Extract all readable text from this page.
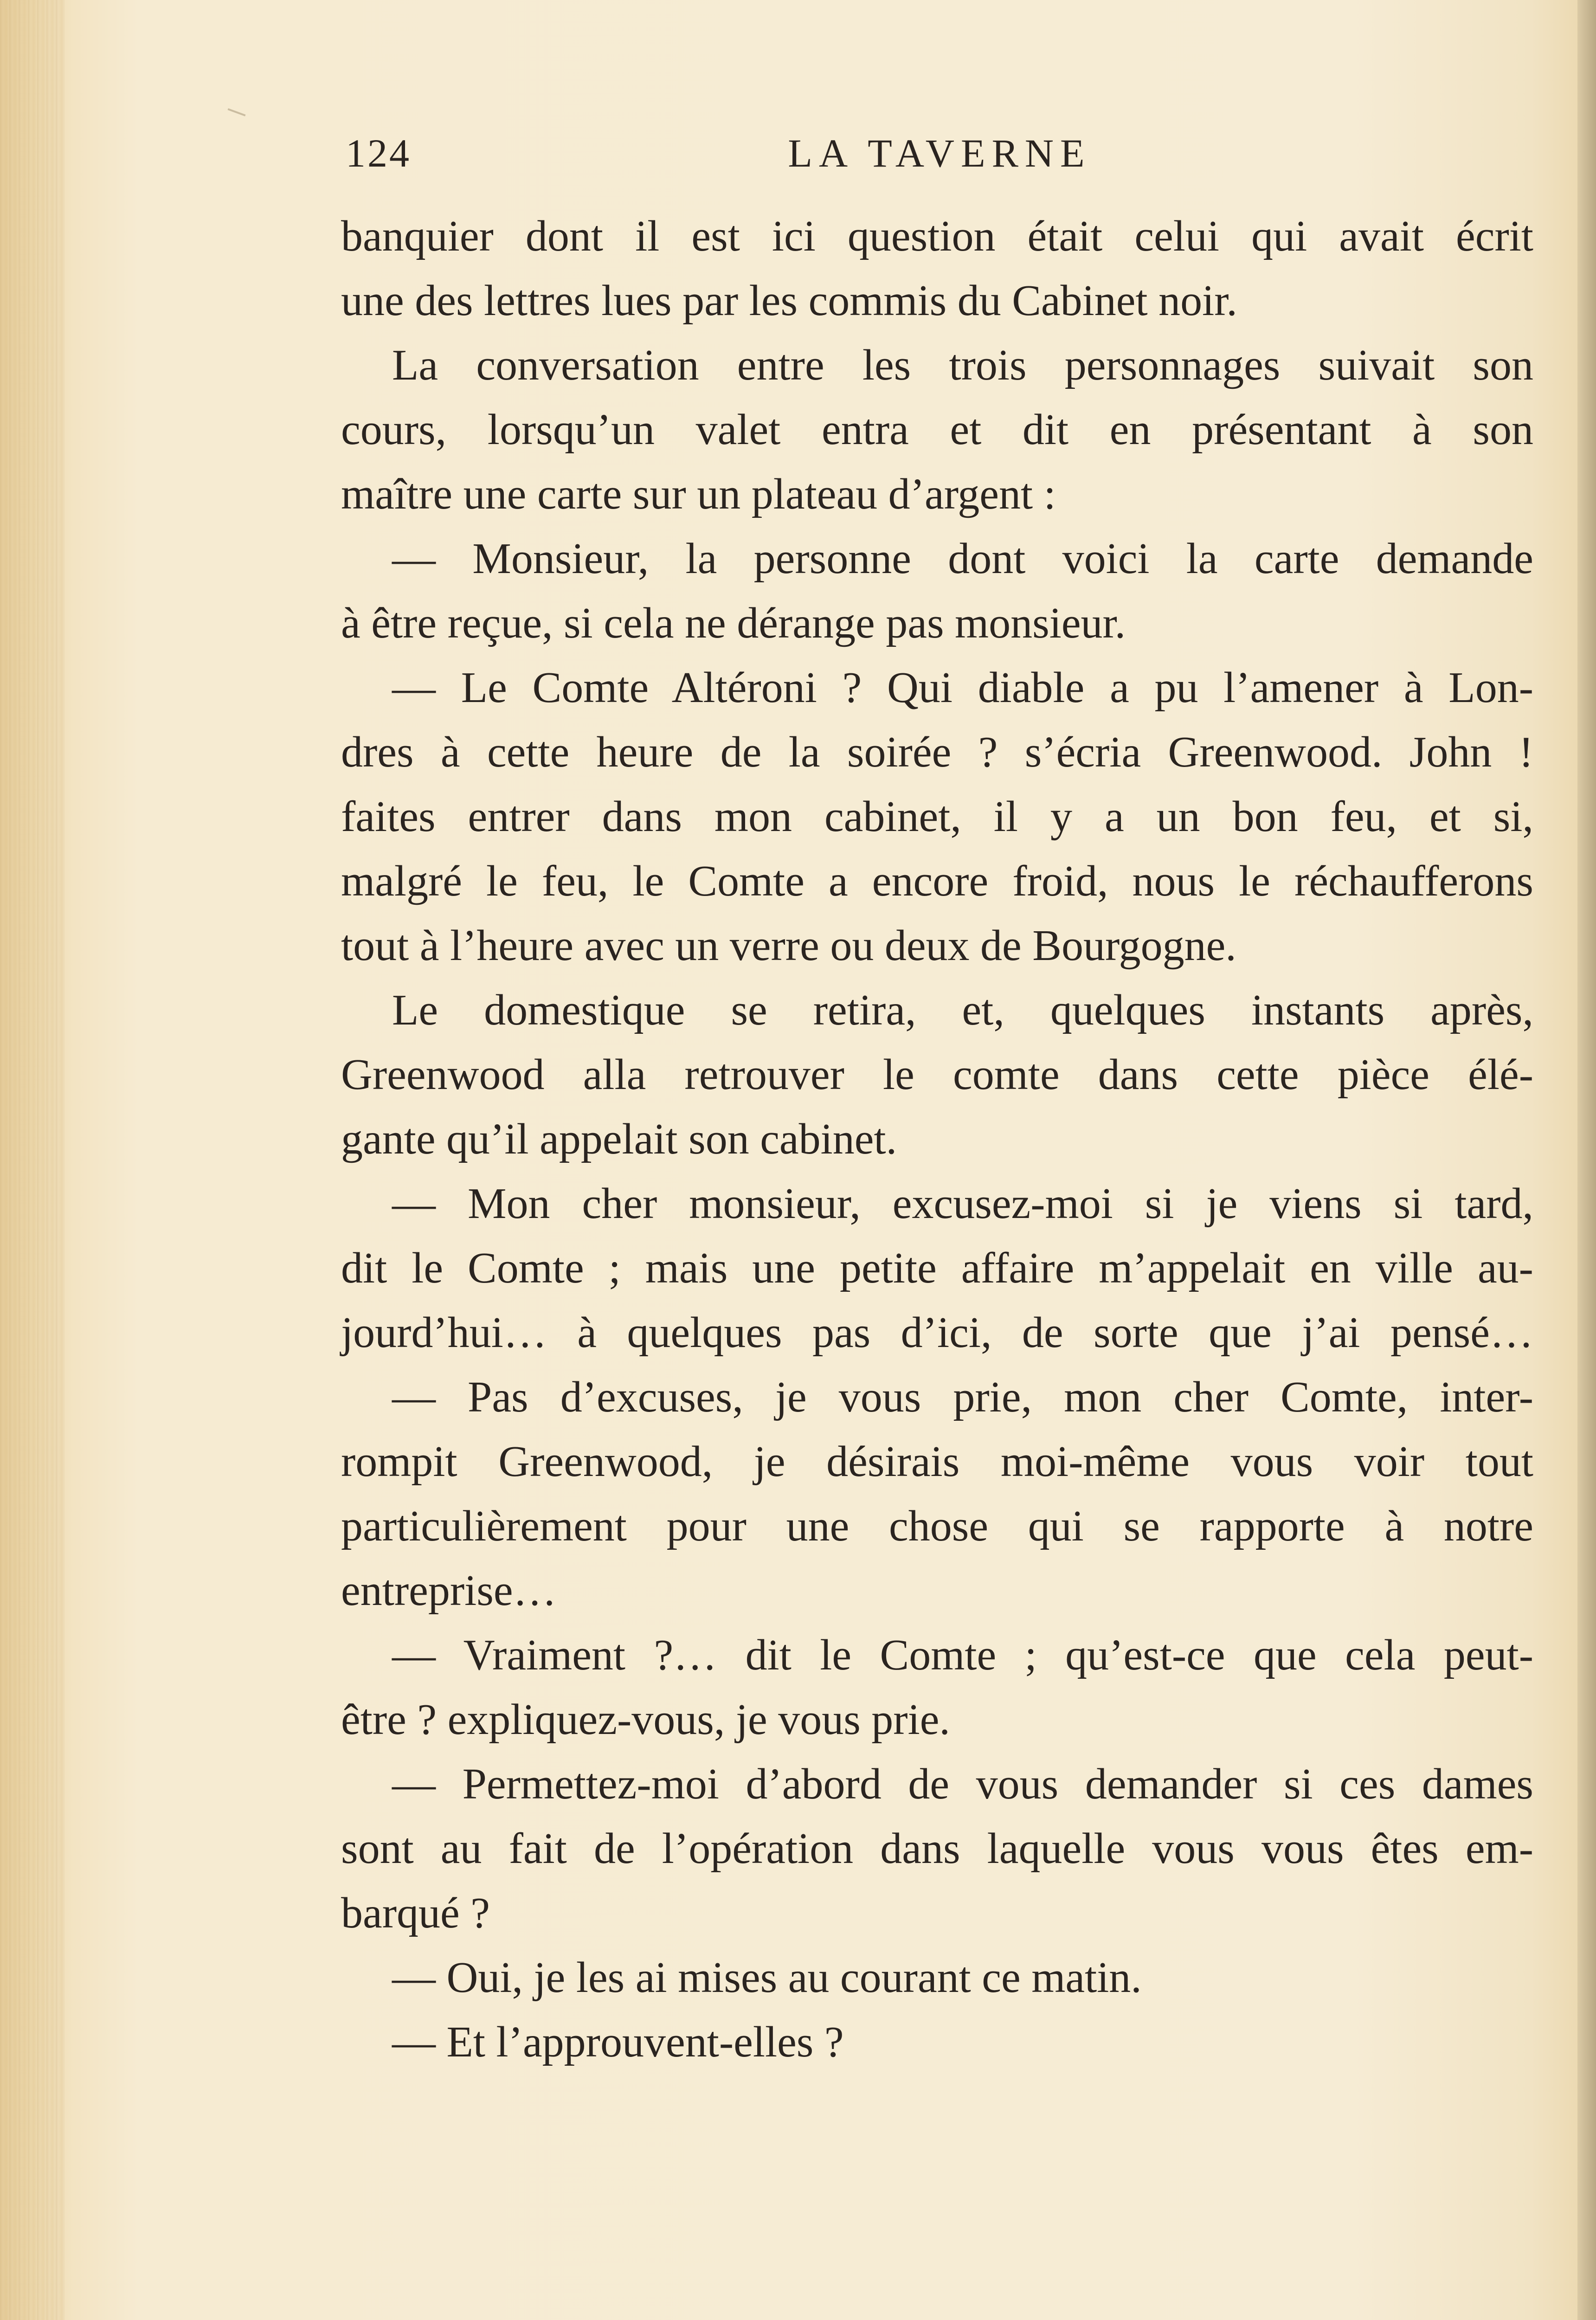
124	LA TAVERNE
banquier dont il est ici question était celui qui avait écrit
une des lettres lues par les commis du Cabinet noir.
La conversation entre les trois personnages suivait son
cours, lorsqu’un valet entra et dit en présentant à son
maître une carte sur un plateau d’argent :
— Monsieur, la personne dont voici la carte demande
à être reçue, si cela ne dérange pas monsieur.
— Le Comte Altéroni ? Qui diable a pu l’amener à Lon-
dres à cette heure de la soirée ? s’écria Greenwood. John !
faites entrer dans mon cabinet, il y a un bon feu, et si,
malgré le feu, le Comte a encore froid, nous le réchaufferons
tout à l’heure avec un verre ou deux de Bourgogne.
Le domestique se retira, et, quelques instants après,
Greenwood alla retrouver le comte dans cette pièce élé-
gante qu’il appelait son cabinet.
— Mon cher monsieur, excusez-moi si je viens si tard,
dit le Comte ; mais une petite affaire m’appelait en ville au-
jourd’hui… à quelques pas d’ici, de sorte que j’ai pensé…
— Pas d’excuses, je vous prie, mon cher Comte, inter-
rompit Greenwood, je désirais moi-même vous voir tout
particulièrement pour une chose qui se rapporte à notre
entreprise…
— Vraiment ?… dit le Comte ; qu’est-ce que cela peut-
être ? expliquez-vous, je vous prie.
— Permettez-moi d’abord de vous demander si ces dames
sont au fait de l’opération dans laquelle vous vous êtes em-
barqué ?
— Oui, je les ai mises au courant ce matin.
— Et l’approuvent-elles ?
